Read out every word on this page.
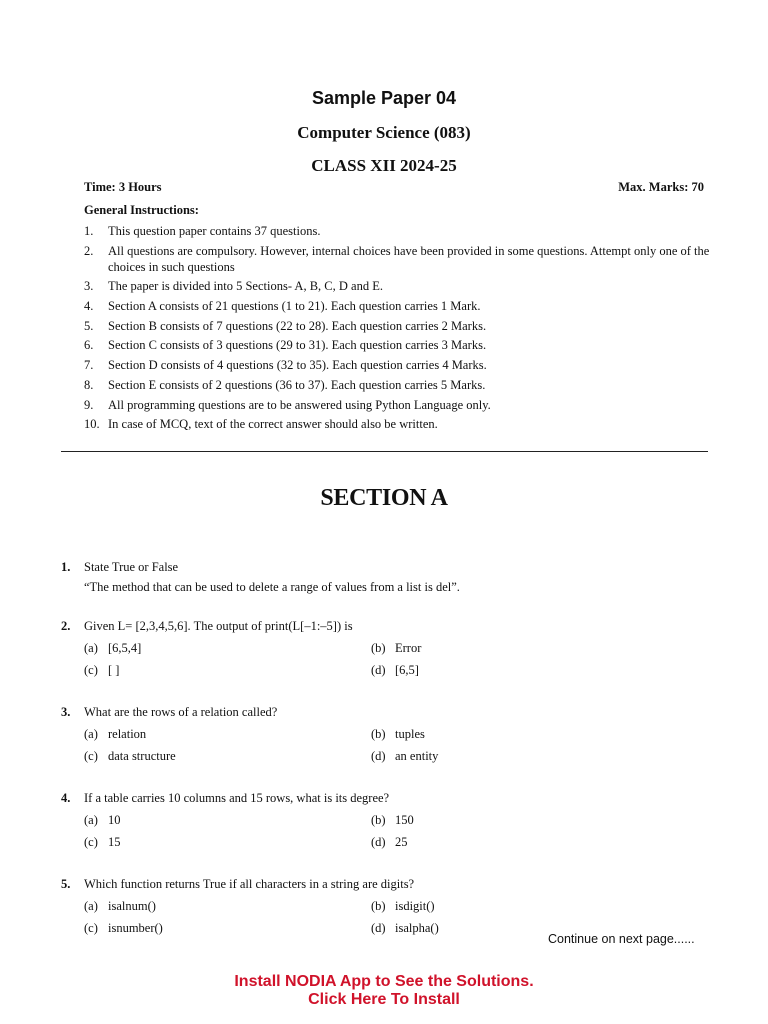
Sample Paper 04
Computer Science (083)
CLASS XII 2024-25
Time: 3 Hours	Max. Marks: 70
General Instructions:
1.	This question paper contains 37 questions.
2.	All questions are compulsory. However, internal choices have been provided in some questions. Attempt only one of the choices in such questions
3.	The paper is divided into 5 Sections- A, B, C, D and E.
4.	Section A consists of 21 questions (1 to 21). Each question carries 1 Mark.
5.	Section B consists of 7 questions (22 to 28). Each question carries 2 Marks.
6.	Section C consists of 3 questions (29 to 31). Each question carries 3 Marks.
7.	Section D consists of 4 questions (32 to 35). Each question carries 4 Marks.
8.	Section E consists of 2 questions (36 to 37). Each question carries 5 Marks.
9.	All programming questions are to be answered using Python Language only.
10. In case of MCQ, text of the correct answer should also be written.
SECTION A
1.	State True or False
“The method that can be used to delete a range of values from a list is del”.
2.	Given L= [2,3,4,5,6]. The output of print(L[–1:–5]) is
(a) [6,5,4]	(b) Error
(c) [ ]	(d) [6,5]
3.	What are the rows of a relation called?
(a) relation	(b) tuples
(c) data structure	(d) an entity
4.	If a table carries 10 columns and 15 rows, what is its degree?
(a) 10	(b) 150
(c) 15	(d) 25
5.	Which function returns True if all characters in a string are digits?
(a) isalnum()	(b) isdigit()
(c) isnumber()	(d) isalpha()
Continue on next page......
Install NODIA App to See the Solutions.
Click Here To Install
